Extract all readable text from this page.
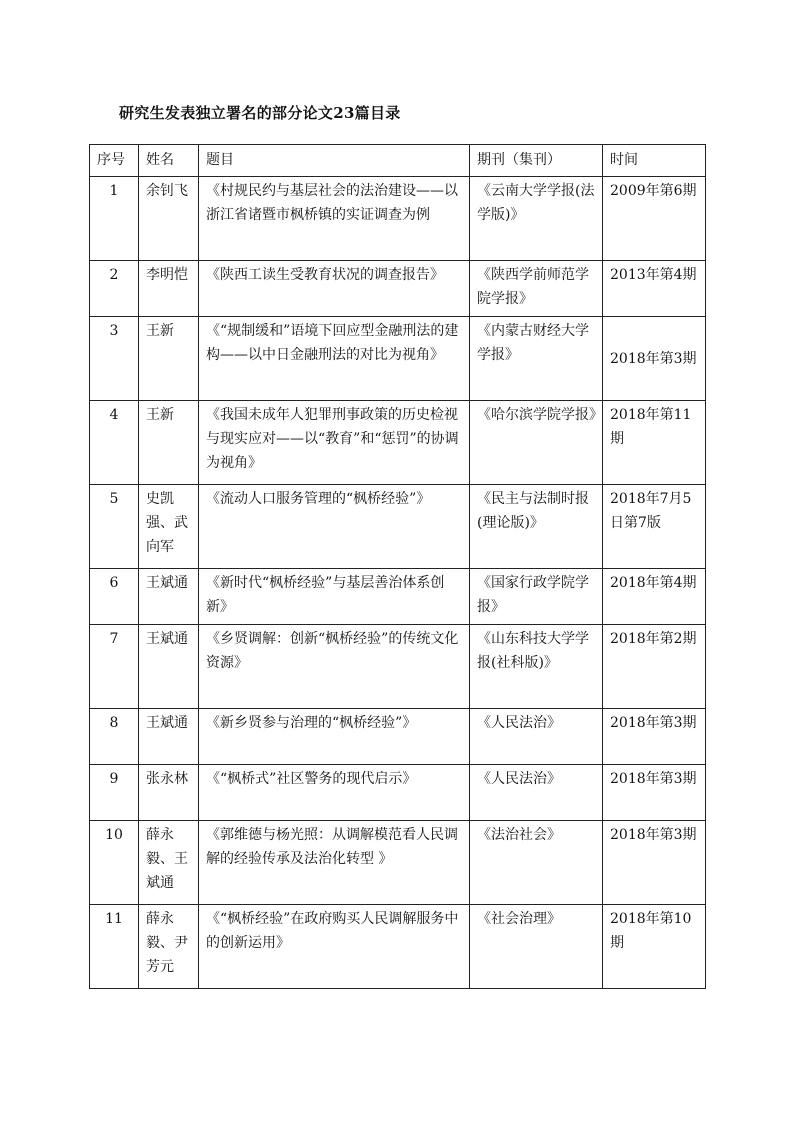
研究生发表独立署名的部分论文23篇目录
序号	姓名	题目	期刊（集刊）	时间
1	余钊飞	《村规民约与基层社会的法治建设——以浙江省诸暨市枫桥镇的实证调查为例	《云南大学学报(法学版)》	2009年第6期
2	李明恺	《陕西工读生受教育状况的调查报告》	《陕西学前师范学院学报》	2013年第4期
3	王新	《“规制缓和”语境下回应型金融刑法的建构——以中日金融刑法的对比为视角》	《内蒙古财经大学学报》	2018年第3期
4	王新	《我国未成年人犯罪刑事政策的历史检视与现实应对——以“教育”和“惩罚”的协调为视角》	《哈尔滨学院学报》	2018年第11期
5	史凯强、武向军	《流动人口服务管理的“枫桥经验”》	《民主与法制时报(理论版)》	2018年7月5日第7版
6	王斌通	《新时代“枫桥经验”与基层善治体系创新》	《国家行政学院学报》	2018年第4期
7	王斌通	《乡贤调解：创新“枫桥经验”的传统文化资源》	《山东科技大学学报(社科版)》	2018年第2期
8	王斌通	《新乡贤参与治理的“枫桥经验”》	《人民法治》	2018年第3期
9	张永林	《“枫桥式”社区警务的现代启示》	《人民法治》	2018年第3期
10	薛永毅、王斌通	《郭维德与杨光照：从调解模范看人民调解的经验传承及法治化转型 》	《法治社会》	2018年第3期
11	薛永毅、尹芳元	《“枫桥经验”在政府购买人民调解服务中的创新运用》	《社会治理》	2018年第10期
